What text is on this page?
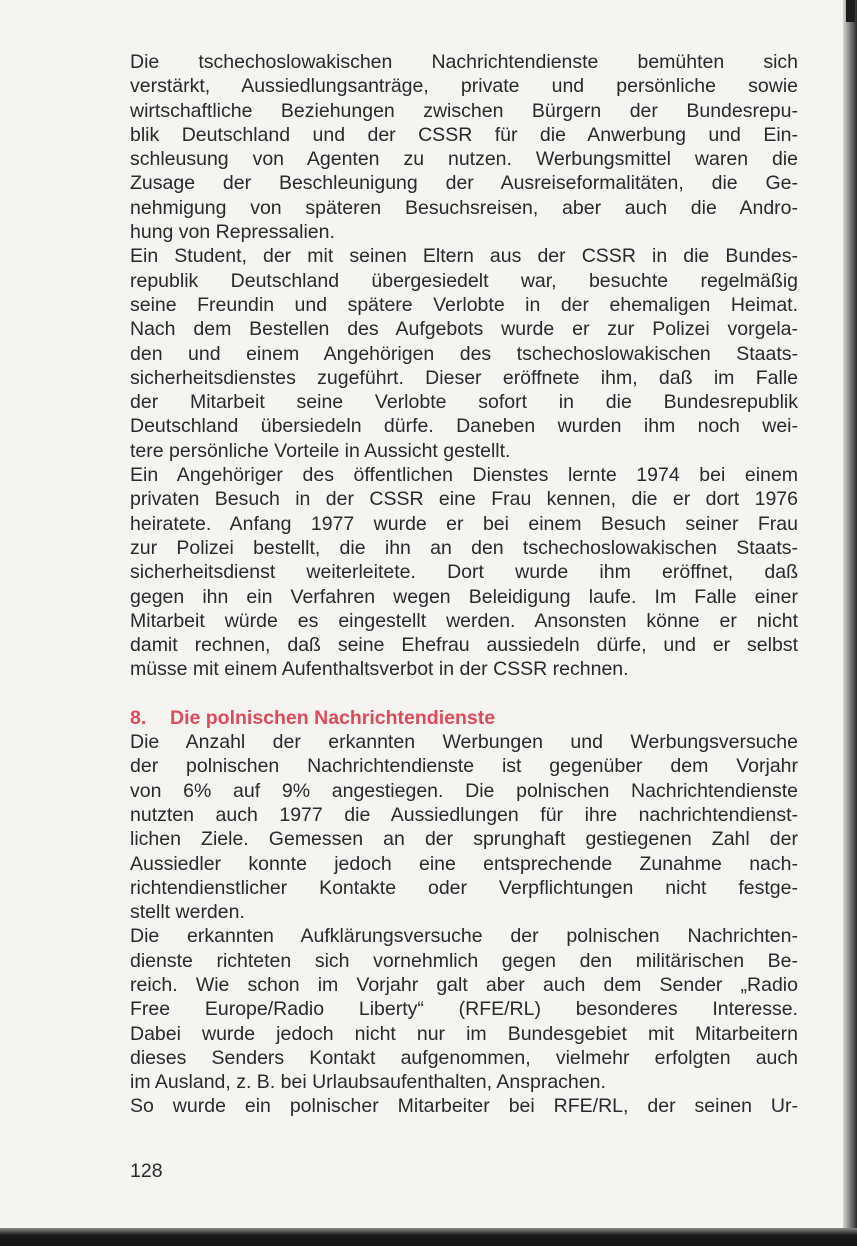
Die tschechoslowakischen Nachrichtendienste bemühten sich
verstärkt, Aussiedlungsanträge, private und persönliche sowie
wirtschaftliche Beziehungen zwischen Bürgern der Bundesrepu-
blik Deutschland und der CSSR für die Anwerbung und Ein-
schleusung von Agenten zu nutzen. Werbungsmittel waren die
Zusage der Beschleunigung der Ausreiseformalitäten, die Ge-
nehmigung von späteren Besuchsreisen, aber auch die Andro-
hung von Repressalien.
Ein Student, der mit seinen Eltern aus der CSSR in die Bundes-
republik Deutschland übergesiedelt war, besuchte regelmäßig
seine Freundin und spätere Verlobte in der ehemaligen Heimat.
Nach dem Bestellen des Aufgebots wurde er zur Polizei vorgela-
den und einem Angehörigen des tschechoslowakischen Staats-
sicherheitsdienstes zugeführt. Dieser eröffnete ihm, daß im Falle
der Mitarbeit seine Verlobte sofort in die Bundesrepublik
Deutschland übersiedeln dürfe. Daneben wurden ihm noch wei-
tere persönliche Vorteile in Aussicht gestellt.
Ein Angehöriger des öffentlichen Dienstes lernte 1974 bei einem
privaten Besuch in der CSSR eine Frau kennen, die er dort 1976
heiratete. Anfang 1977 wurde er bei einem Besuch seiner Frau
zur Polizei bestellt, die ihn an den tschechoslowakischen Staats-
sicherheitsdienst weiterleitete. Dort wurde ihm eröffnet, daß
gegen ihn ein Verfahren wegen Beleidigung laufe. Im Falle einer
Mitarbeit würde es eingestellt werden. Ansonsten könne er nicht
damit rechnen, daß seine Ehefrau aussiedeln dürfe, und er selbst
müsse mit einem Aufenthaltsverbot in der CSSR rechnen.
8. Die polnischen Nachrichtendienste
Die Anzahl der erkannten Werbungen und Werbungsversuche
der polnischen Nachrichtendienste ist gegenüber dem Vorjahr
von 6% auf 9% angestiegen. Die polnischen Nachrichtendienste
nutzten auch 1977 die Aussiedlungen für ihre nachrichtendienst-
lichen Ziele. Gemessen an der sprunghaft gestiegenen Zahl der
Aussiedler konnte jedoch eine entsprechende Zunahme nach-
richtendienstlicher Kontakte oder Verpflichtungen nicht festge-
stellt werden.
Die erkannten Aufklärungsversuche der polnischen Nachrichten-
dienste richteten sich vornehmlich gegen den militärischen Be-
reich. Wie schon im Vorjahr galt aber auch dem Sender „Radio
Free Europe/Radio Liberty“ (RFE/RL) besonderes Interesse.
Dabei wurde jedoch nicht nur im Bundesgebiet mit Mitarbeitern
dieses Senders Kontakt aufgenommen, vielmehr erfolgten auch
im Ausland, z. B. bei Urlaubsaufenthalten, Ansprachen.
So wurde ein polnischer Mitarbeiter bei RFE/RL, der seinen Ur-
128
